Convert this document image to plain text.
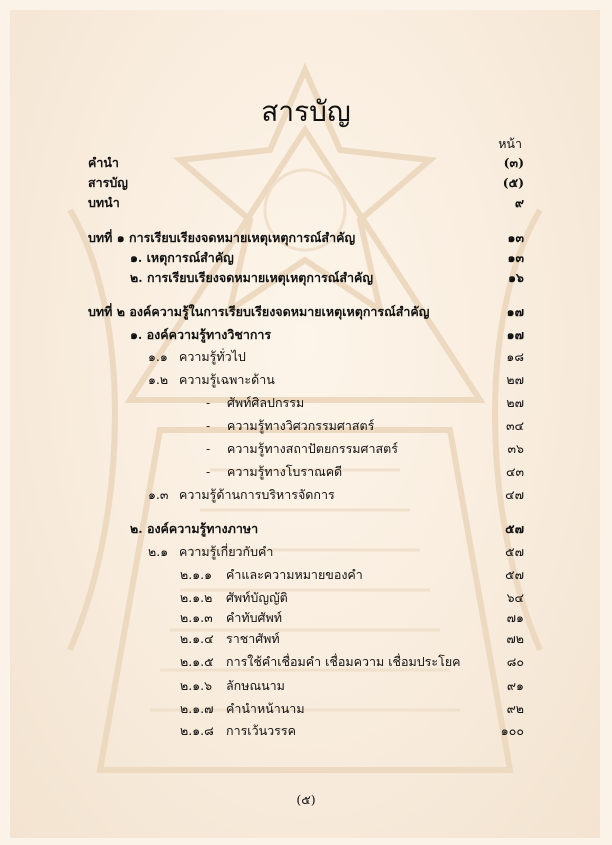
สารบัญ
หน้า
คำนำ	(๓)
สารบัญ	(๕)
บทนำ	๙
บทที่ ๑ การเรียบเรียงจดหมายเหตุเหตุการณ์สำคัญ	๑๓
๑. เหตุการณ์สำคัญ	๑๓
๒. การเรียบเรียงจดหมายเหตุเหตุการณ์สำคัญ	๑๖
บทที่ ๒ องค์ความรู้ในการเรียบเรียงจดหมายเหตุเหตุการณ์สำคัญ	๑๗
๑. องค์ความรู้ทางวิชาการ	๑๗
๑.๑ ความรู้ทั่วไป	๑๘
๑.๒ ความรู้เฉพาะด้าน	๒๗
- ศัพท์ศิลปกรรม	๒๗
- ความรู้ทางวิศวกรรมศาสตร์	๓๔
- ความรู้ทางสถาปัตยกรรมศาสตร์	๓๖
- ความรู้ทางโบราณคดี	๔๓
๑.๓ ความรู้ด้านการบริหารจัดการ	๔๗
๒. องค์ความรู้ทางภาษา	๕๗
๒.๑ ความรู้เกี่ยวกับคำ	๕๗
๒.๑.๑ คำและความหมายของคำ	๕๗
๒.๑.๒ ศัพท์บัญญัติ	๖๔
๒.๑.๓ คำทับศัพท์	๗๑
๒.๑.๔ ราชาศัพท์	๗๒
๒.๑.๕ การใช้คำเชื่อมคำ เชื่อมความ เชื่อมประโยค	๘๐
๒.๑.๖ ลักษณนาม	๙๑
๒.๑.๗ คำนำหน้านาม	๙๒
๒.๑.๘ การเว้นวรรค	๑๐๐
(๕)
